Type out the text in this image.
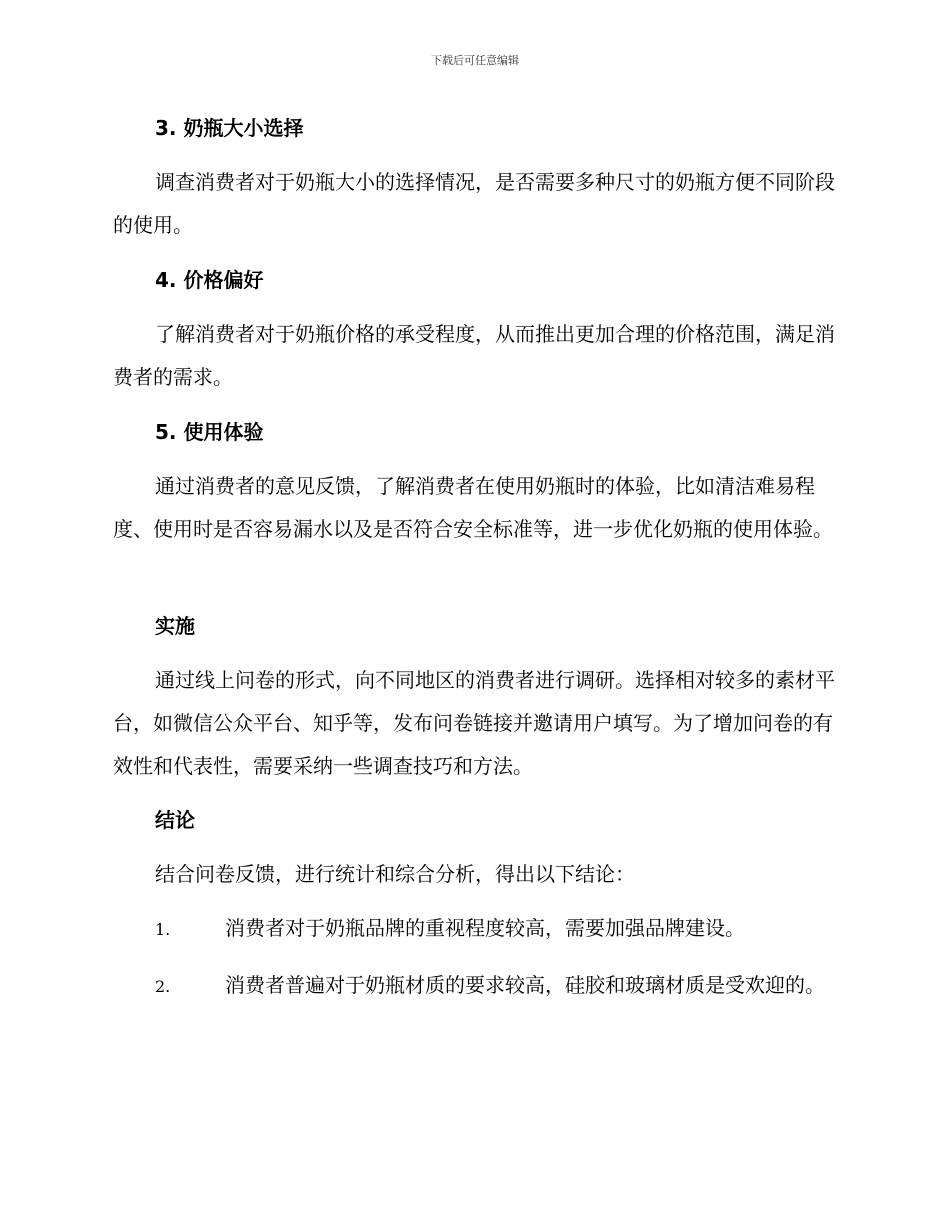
下载后可任意编辑
3. 奶瓶大小选择

调查消费者对于奶瓶大小的选择情况，是否需要多种尺寸的奶瓶方便不同阶段的使用。

4. 价格偏好

了解消费者对于奶瓶价格的承受程度，从而推出更加合理的价格范围，满足消费者的需求。

5. 使用体验

通过消费者的意见反馈，了解消费者在使用奶瓶时的体验，比如清洁难易程度、使用时是否容易漏水以及是否符合安全标准等，进一步优化奶瓶的使用体验。

实施

通过线上问卷的形式，向不同地区的消费者进行调研。选择相对较多的素材平台，如微信公众平台、知乎等，发布问卷链接并邀请用户填写。为了增加问卷的有效性和代表性，需要采纳一些调查技巧和方法。

结论

结合问卷反馈，进行统计和综合分析，得出以下结论：

1.	消费者对于奶瓶品牌的重视程度较高，需要加强品牌建设。

2.	消费者普遍对于奶瓶材质的要求较高，硅胶和玻璃材质是受欢迎的。
